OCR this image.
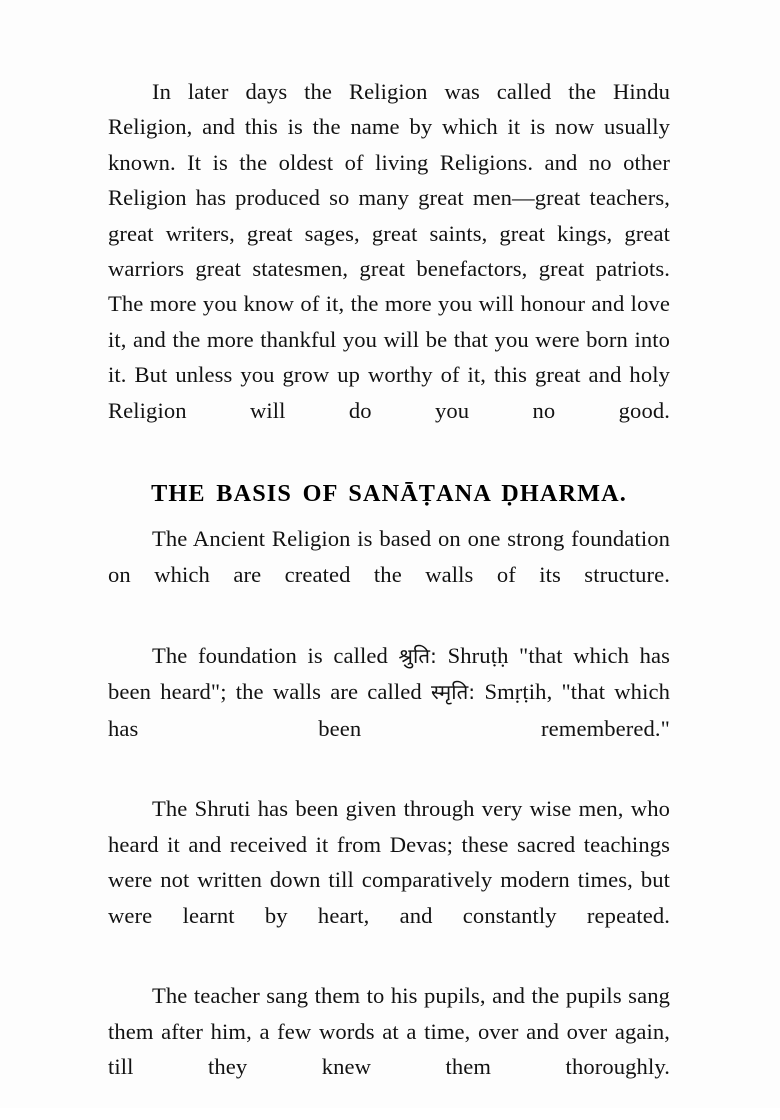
In later days the Religion was called the Hindu Religion, and this is the name by which it is now usually known. It is the oldest of living Religions. and no other Religion has produced so many great men—great teachers, great writers, great sages, great saints, great kings, great warriors great statesmen, great benefactors, great patriots. The more you know of it, the more you will honour and love it, and the more thankful you will be that you were born into it. But unless you grow up worthy of it, this great and holy Religion will do you no good.

THE BASIS OF SANĀṬANA ḌHARMA.

The Ancient Religion is based on one strong foundation on which are created the walls of its structure.

The foundation is called श्रुति: Shruṭḥ "that which has been heard"; the walls are called स्मृति: Smṛṭih, "that which has been remembered."

The Shruti has been given through very wise men, who heard it and received it from Devas; these sacred teachings were not written down till comparatively modern times, but were learnt by heart, and constantly repeated.

The teacher sang them to his pupils, and the pupils sang them after him, a few words at a time, over and over again, till they knew them thoroughly.
